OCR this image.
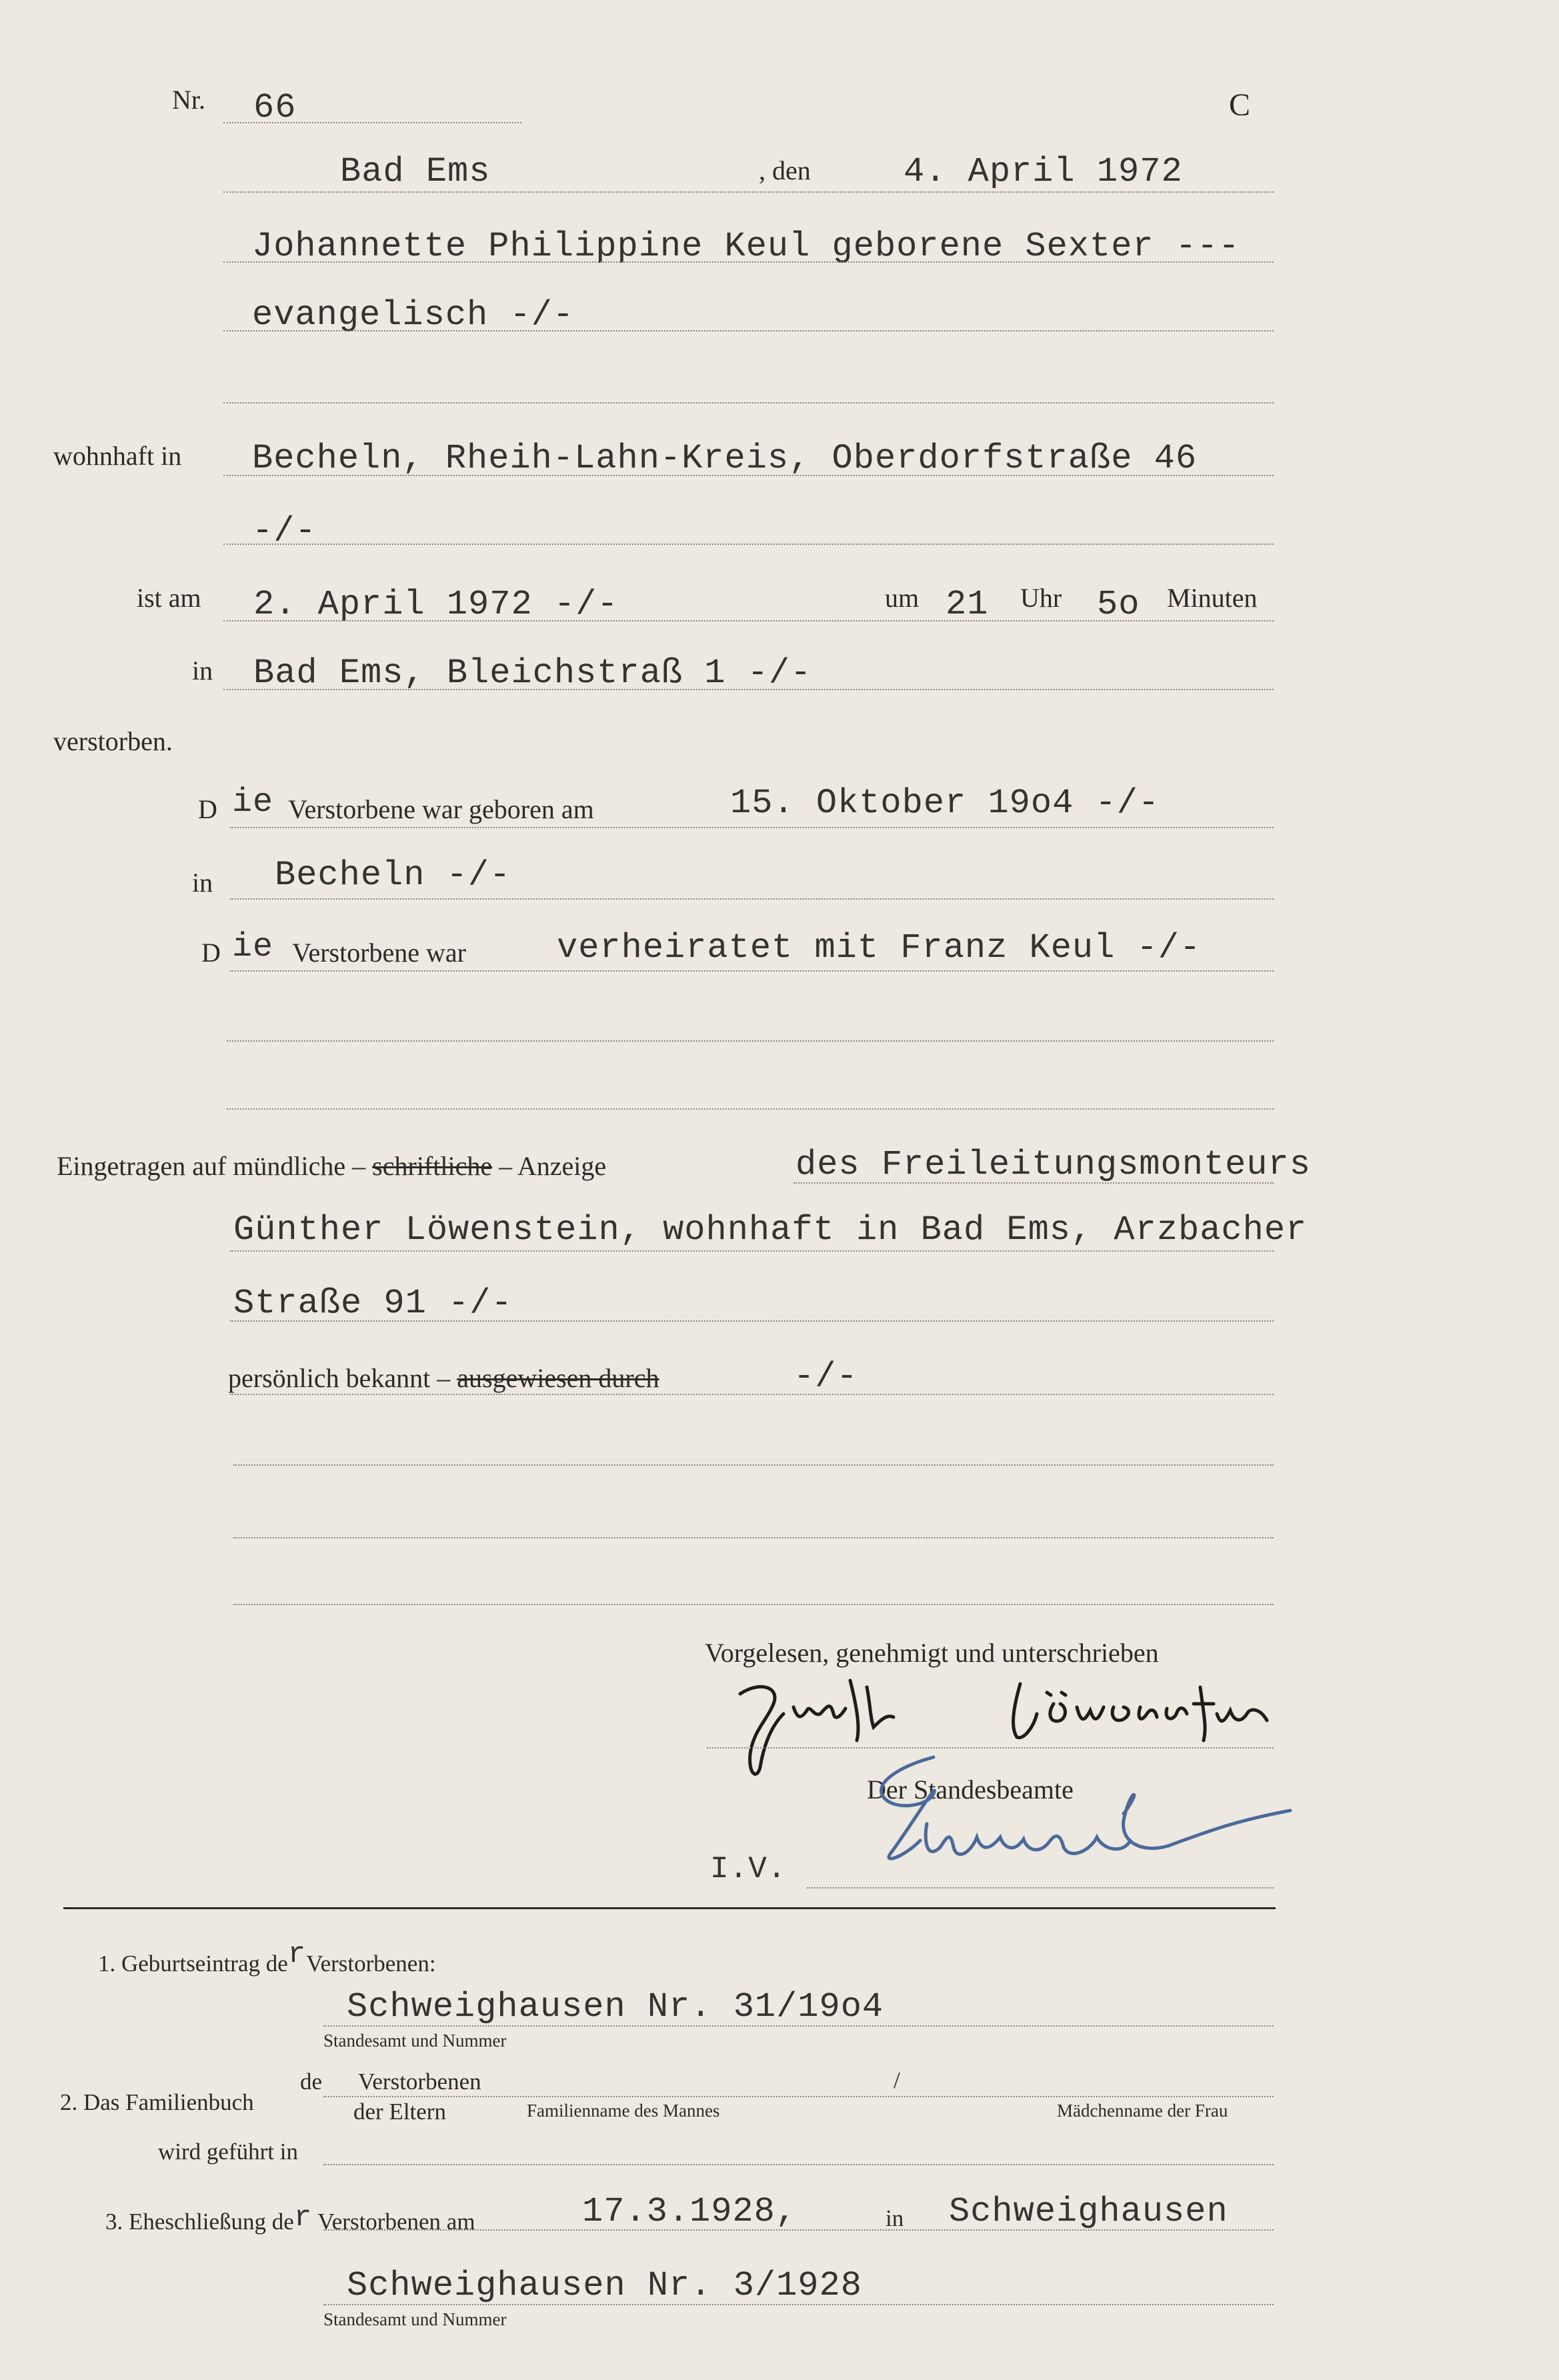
Nr. 66	C
Bad Ems	, den	4. April 1972
Johannette Philippine Keul geborene Sexter ---
evangelisch -/-
wohnhaft in Becheln, Rheih-Lahn-Kreis, Oberdorfstraße 46
-/-
ist am 2. April 1972 -/-	um 21 Uhr 5o Minuten
in Bad Ems, Bleichstraß 1 -/-
verstorben.
D ie Verstorbene war geboren am	15. Oktober 19o4 -/-
in Becheln -/-
D ie Verstorbene war	verheiratet mit Franz Keul -/-
Eingetragen auf mündliche – schriftliche – Anzeige	des Freileitungsmonteurs
Günther Löwenstein, wohnhaft in Bad Ems, Arzbacher
Straße 91 -/-
persönlich bekannt – ausgewiesen durch	-/-
Vorgelesen, genehmigt und unterschrieben
Der Standesbeamte
I.V.
1. Geburtseintrag derVerstorbenen:
Schweighausen Nr. 31/19o4
Standesamt und Nummer
2. Das Familienbuch
de Verstorbenen
der Eltern
/
Familienname des Mannes	Mädchenname der Frau
wird geführt in
3. Eheschließung der Verstorbenen am	17.3.1928,	in Schweighausen
Schweighausen Nr. 3/1928
Standesamt und Nummer
